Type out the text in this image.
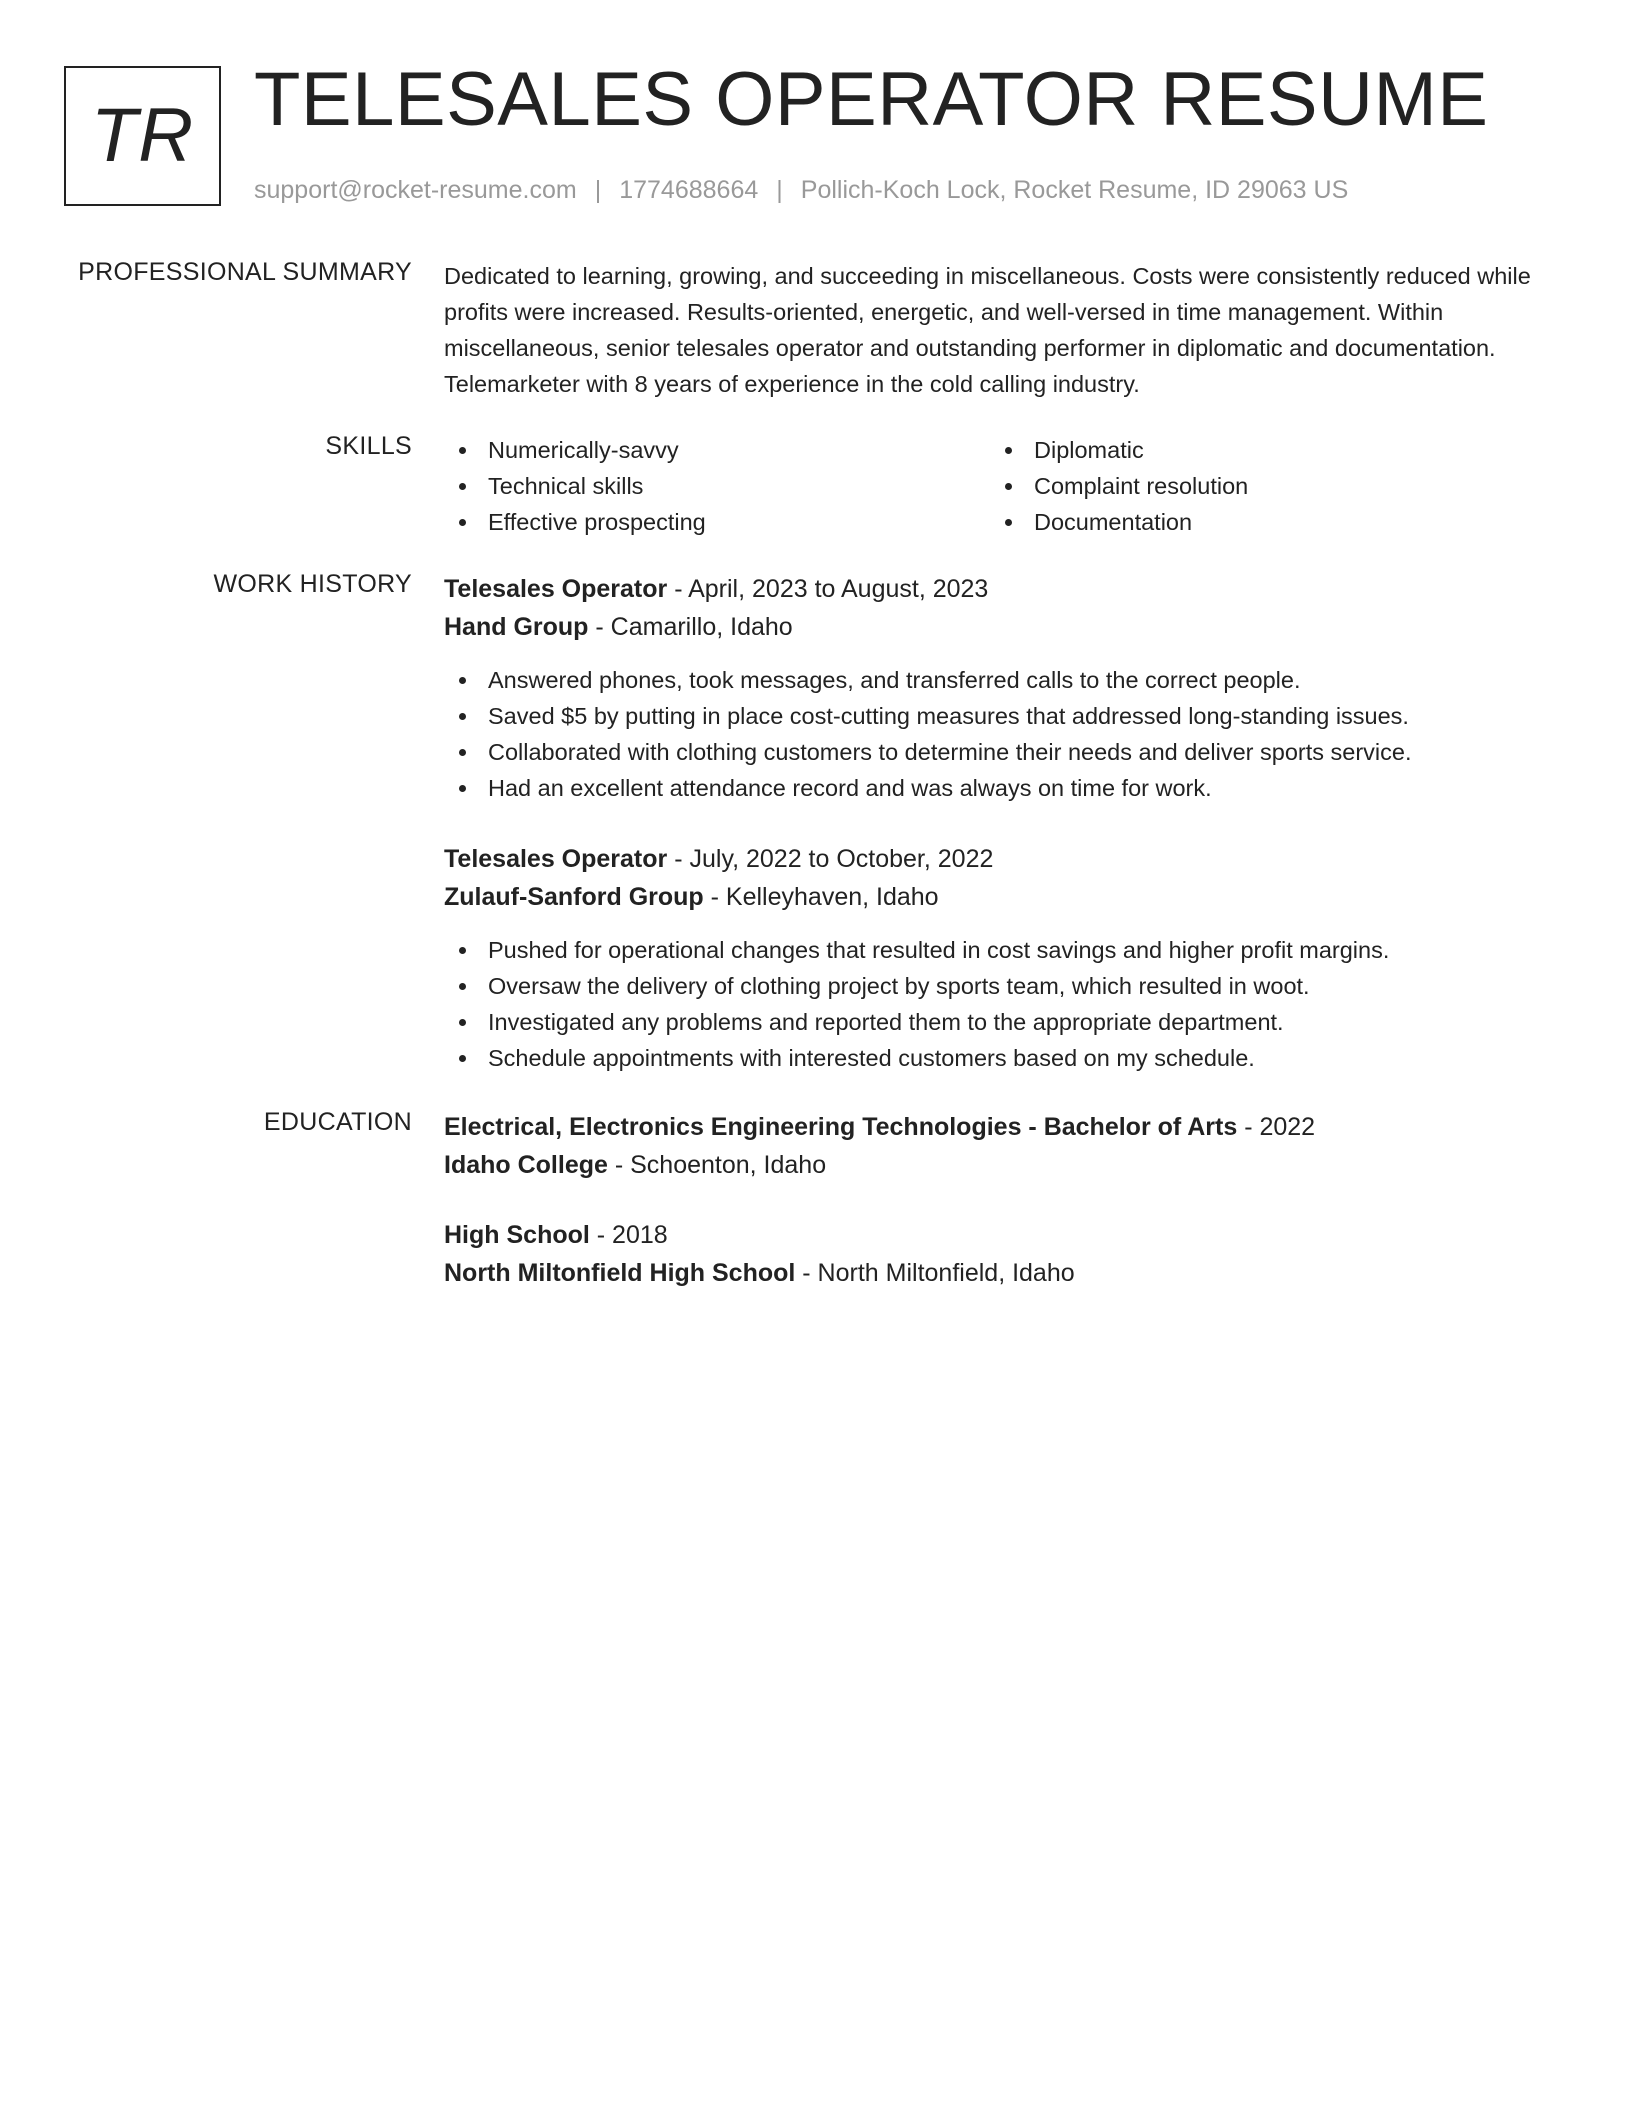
TR TELESALES OPERATOR RESUME
support@rocket-resume.com | 1774688664 | Pollich-Koch Lock, Rocket Resume, ID 29063 US
PROFESSIONAL SUMMARY Dedicated to learning, growing, and succeeding in miscellaneous. Costs were consistently reduced while profits were increased. Results-oriented, energetic, and well-versed in time management. Within miscellaneous, senior telesales operator and outstanding performer in diplomatic and documentation. Telemarketer with 8 years of experience in the cold calling industry.
SKILLS	Numerically-savvy
Technical skills
Effective prospecting
Diplomatic
Complaint resolution
Documentation
WORK HISTORY Telesales Operator - April, 2023 to August, 2023
Hand Group - Camarillo, Idaho
Answered phones, took messages, and transferred calls to the correct people.
Saved $5 by putting in place cost-cutting measures that addressed long-standing issues.
Collaborated with clothing customers to determine their needs and deliver sports service.
Had an excellent attendance record and was always on time for work.
Telesales Operator - July, 2022 to October, 2022
Zulauf-Sanford Group - Kelleyhaven, Idaho
Pushed for operational changes that resulted in cost savings and higher profit margins.
Oversaw the delivery of clothing project by sports team, which resulted in woot.
Investigated any problems and reported them to the appropriate department.
Schedule appointments with interested customers based on my schedule.
EDUCATION Electrical, Electronics Engineering Technologies - Bachelor of Arts - 2022
Idaho College - Schoenton, Idaho
High School - 2018
North Miltonfield High School - North Miltonfield, Idaho
